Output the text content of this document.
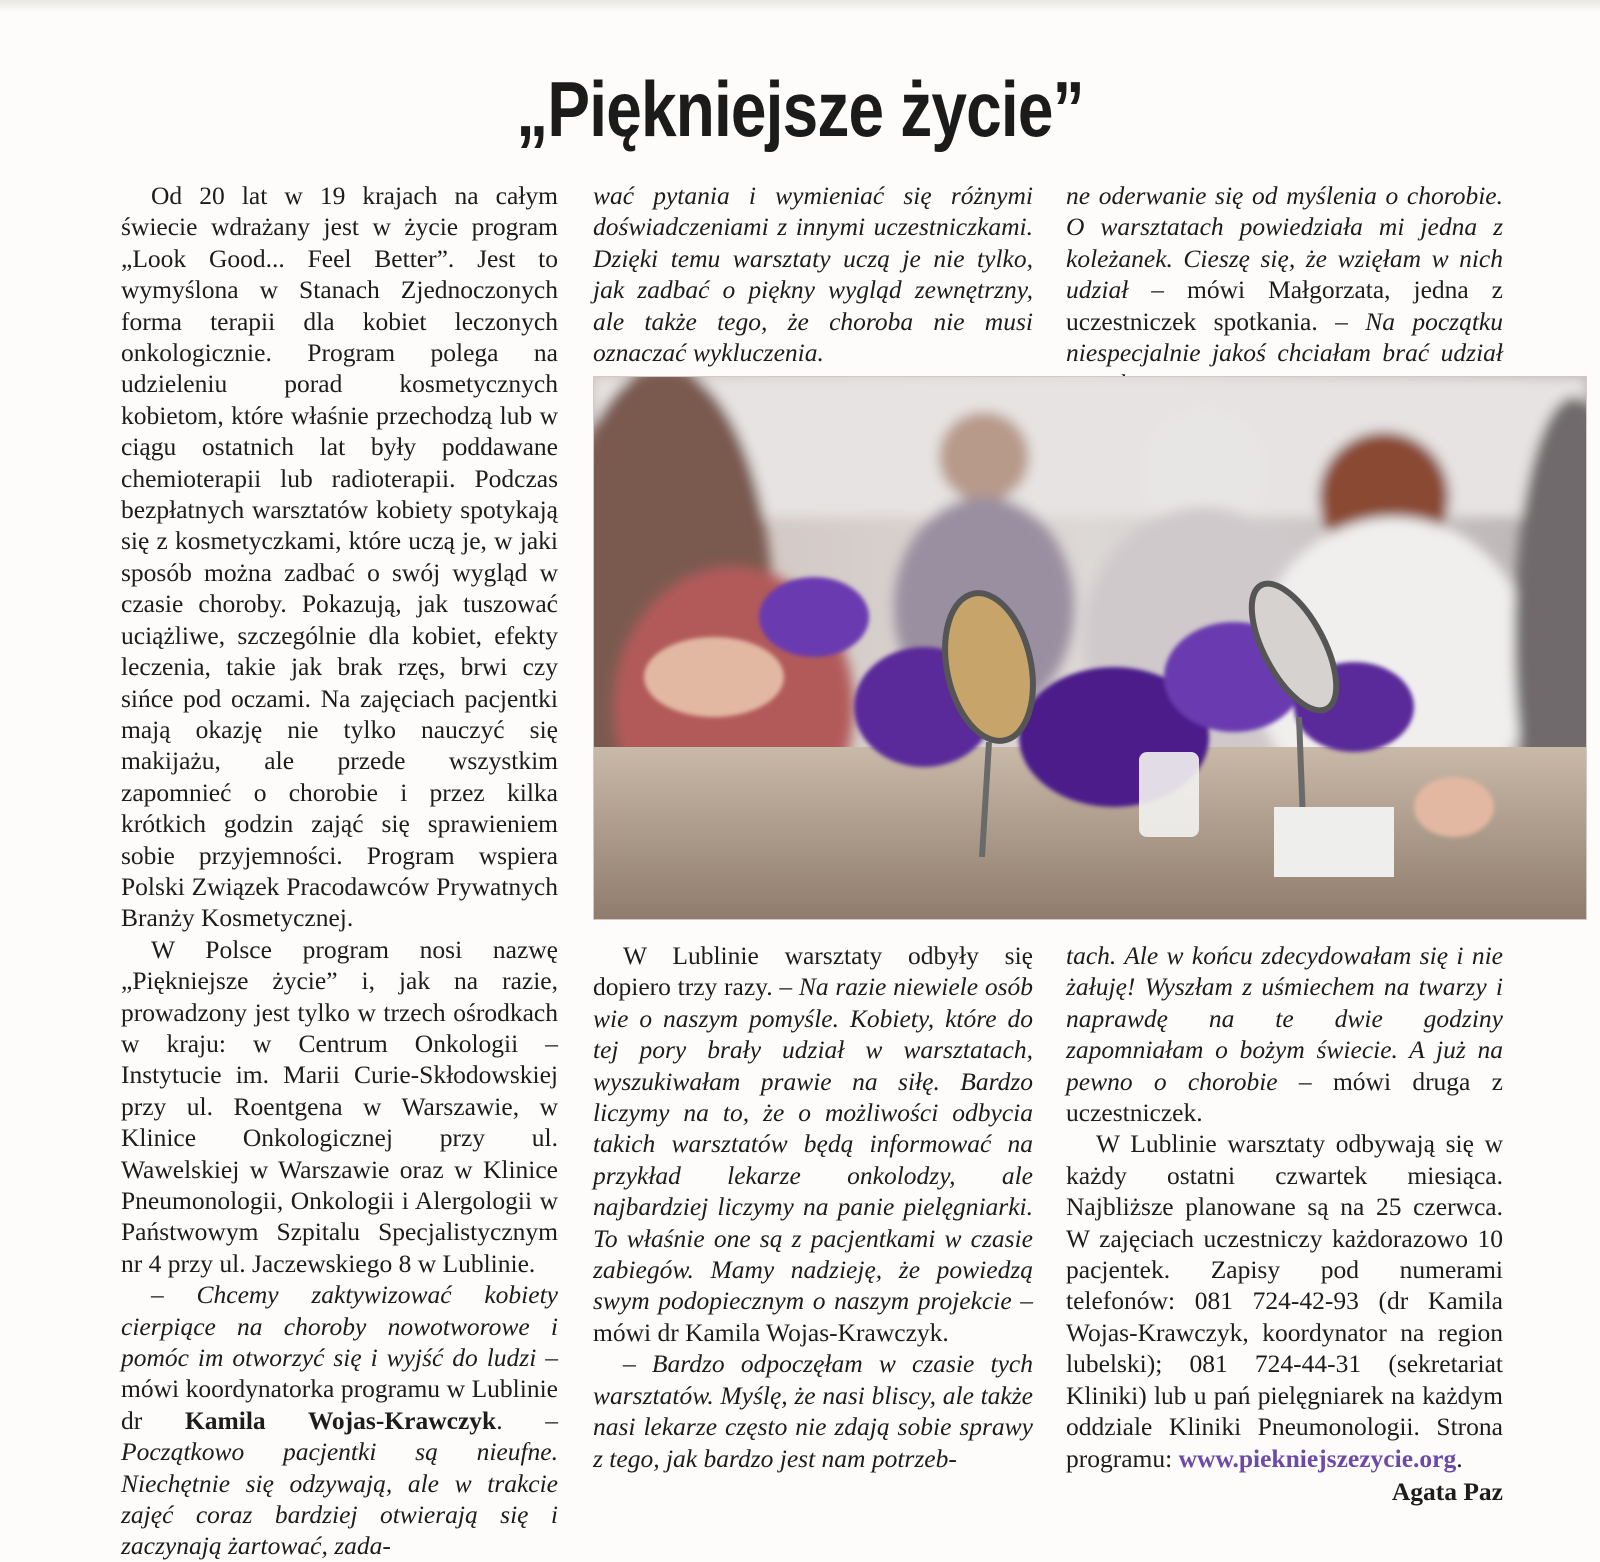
„Piękniejsze życie”

Od 20 lat w 19 krajach na całym świecie wdrażany jest w życie program „Look Good... Feel Better”. Jest to wymyślona w Stanach Zjednoczonych forma terapii dla kobiet leczonych onkologicznie. Program polega na udzieleniu porad kosmetycznych kobietom, które właśnie przechodzą lub w ciągu ostatnich lat były poddawane chemioterapii lub radioterapii. Podczas bezpłatnych warsztatów kobiety spotykają się z kosmetyczkami, które uczą je, w jaki sposób można zadbać o swój wygląd w czasie choroby. Pokazują, jak tuszować uciążliwe, szczególnie dla kobiet, efekty leczenia, takie jak brak rzęs, brwi czy sińce pod oczami. Na zajęciach pacjentki mają okazję nie tylko nauczyć się makijażu, ale przede wszystkim zapomnieć o chorobie i przez kilka krótkich godzin zająć się sprawieniem sobie przyjemności. Program wspiera Polski Związek Pracodawców Prywatnych Branży Kosmetycznej.

W Polsce program nosi nazwę „Piękniejsze życie” i, jak na razie, prowadzony jest tylko w trzech ośrodkach w kraju: w Centrum Onkologii – Instytucie im. Marii Curie-Skłodowskiej przy ul. Roentgena w Warszawie, w Klinice Onkologicznej przy ul. Wawelskiej w Warszawie oraz w Klinice Pneumonologii, Onkologii i Alergologii w Państwowym Szpitalu Specjalistycznym nr 4 przy ul. Jaczewskiego 8 w Lublinie.

– Chcemy zaktywizować kobiety cierpiące na choroby nowotworowe i pomóc im otworzyć się i wyjść do ludzi – mówi koordynatorka programu w Lublinie dr Kamila Wojas-Krawczyk. –Początkowo pacjentki są nieufne. Niechętnie się odzywają, ale w trakcie zajęć coraz bardziej otwierają się i zaczynają żartować, zada-

wać pytania i wymieniać się różnymi doświadczeniami z innymi uczestniczkami. Dzięki temu warsztaty uczą je nie tylko, jak zadbać o piękny wygląd zewnętrzny, ale także tego, że choroba nie musi oznaczać wykluczenia.

ne oderwanie się od myślenia o chorobie. O warsztatach powiedziała mi jedna z koleżanek. Cieszę się, że wzięłam w nich udział – mówi Małgorzata, jedna z uczestniczek spotkania. – Na początku niespecjalnie jakoś chciałam brać udział

W Lublinie warsztaty odbyły się dopiero trzy razy. – Na razie niewiele osób wie o naszym pomyśle. Kobiety, które do tej pory brały udział w warsztatach, wyszukiwałam prawie na siłę. Bardzo liczymy na to, że o możliwości odbycia takich warsztatów będą informować na przykład lekarze onkolodzy, ale najbardziej liczymy na panie pielęgniarki. To właśnie one są z pacjentkami w czasie zabiegów. Mamy nadzieję, że powiedzą swym podopiecznym o naszym projekcie – mówi dr Kamila Wojas-Krawczyk.

– Bardzo odpoczęłam w czasie tych warsztatów. Myślę, że nasi bliscy, ale także nasi lekarze często nie zdają sobie sprawy z tego, jak bardzo jest nam potrzeb-

tach. Ale w końcu zdecydowałam się i nie żałuję! Wyszłam z uśmiechem na twarzy i naprawdę na te dwie godziny zapomniałam o bożym świecie. A już na pewno o chorobie – mówi druga z uczestniczek.

W Lublinie warsztaty odbywają się w każdy ostatni czwartek miesiąca. Najbliższe planowane są na 25 czerwca. W zajęciach uczestniczy każdorazowo 10 pacjentek. Zapisy pod numerami telefonów: 081 724-42-93 (dr Kamila Wojas-Krawczyk, koordynator na region lubelski); 081 724-44-31 (sekretariat Kliniki) lub u pań pielęgniarek na każdym oddziale Kliniki Pneumonologii. Strona programu: www.piekniejszezycie.org.

Agata Paz
